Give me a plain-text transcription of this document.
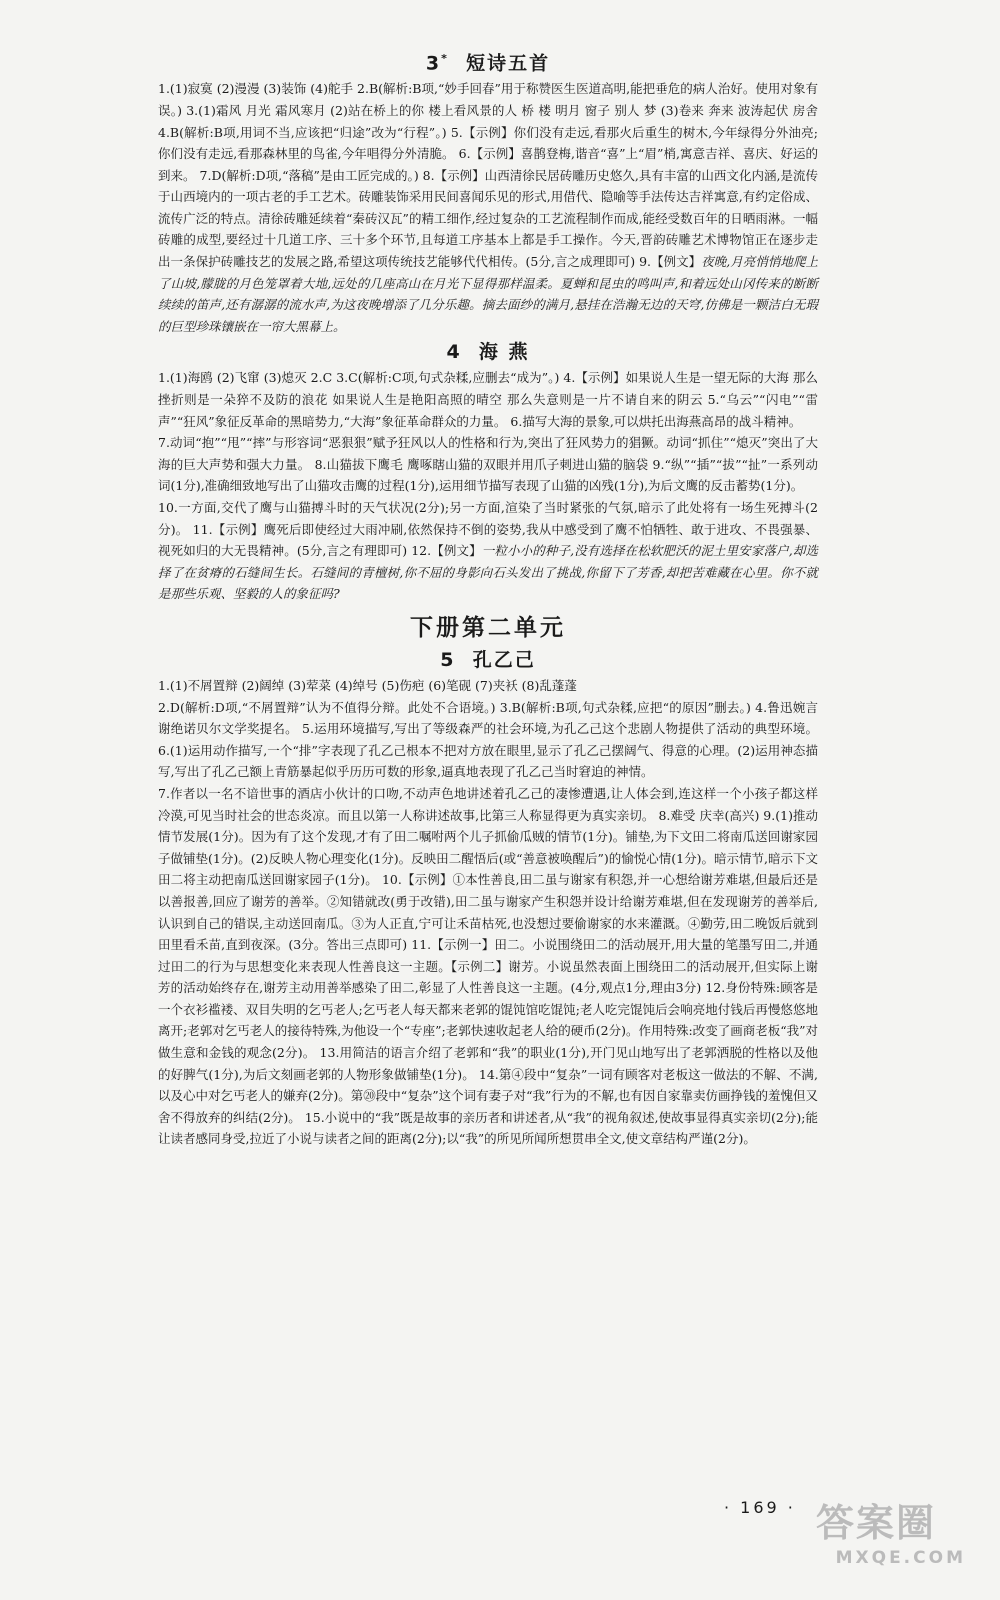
3* 短诗五首

1.(1)寂寞 (2)漫漫 (3)装饰 (4)舵手 2.B(解析:B项,“妙手回春”用于称赞医生医道高明,能把垂危的病人治好。使用对象有误。) 3.(1)霜风 月光 霜风寒月 (2)站在桥上的你 楼上看风景的人 桥 楼 明月 窗子 别人 梦 (3)卷来 奔来 波涛起伏 房舍 4.B(解析:B项,用词不当,应该把“归途”改为“行程”。) 5.【示例】你们没有走远,看那火后重生的树木,今年绿得分外油亮;你们没有走远,看那森林里的鸟雀,今年唱得分外清脆。 6.【示例】喜鹊登梅,谐音“喜”上“眉”梢,寓意吉祥、喜庆、好运的到来。 7.D(解析:D项,“落稿”是由工匠完成的。) 8.【示例】山西清徐民居砖雕历史悠久,具有丰富的山西文化内涵,是流传于山西境内的一项古老的手工艺术。砖雕装饰采用民间喜闻乐见的形式,用借代、隐喻等手法传达吉祥寓意,有约定俗成、流传广泛的特点。清徐砖雕延续着“秦砖汉瓦”的精工细作,经过复杂的工艺流程制作而成,能经受数百年的日晒雨淋。一幅砖雕的成型,要经过十几道工序、三十多个环节,且每道工序基本上都是手工操作。今天,晋韵砖雕艺术博物馆正在逐步走出一条保护砖雕技艺的发展之路,希望这项传统技艺能够代代相传。(5分,言之成理即可) 9.【例文】夜晚,月亮悄悄地爬上了山坡,朦胧的月色笼罩着大地,远处的几座高山在月光下显得那样温柔。夏蝉和昆虫的鸣叫声,和着远处山冈传来的断断续续的笛声,还有潺潺的流水声,为这夜晚增添了几分乐趣。摘去面纱的满月,悬挂在浩瀚无边的天穹,仿佛是一颗洁白无瑕的巨型珍珠镶嵌在一帘大黑幕上。

4 海 燕

1.(1)海鸥 (2)飞窜 (3)熄灭 2.C 3.C(解析:C项,句式杂糅,应删去“成为”。) 4.【示例】如果说人生是一望无际的大海 那么挫折则是一朵猝不及防的浪花 如果说人生是艳阳高照的晴空 那么失意则是一片不请自来的阴云 5.“乌云”“闪电”“雷声”“狂风”象征反革命的黑暗势力,“大海”象征革命群众的力量。 6.描写大海的景象,可以烘托出海燕高昂的战斗精神。

7.动词“抱”“甩”“摔”与形容词“恶狠狠”赋予狂风以人的性格和行为,突出了狂风势力的猖獗。动词“抓住”“熄灭”突出了大海的巨大声势和强大力量。 8.山猫拔下鹰毛 鹰啄瞎山猫的双眼并用爪子刺进山猫的脑袋 9.“纵”“插”“拔”“扯”一系列动词(1分),准确细致地写出了山猫攻击鹰的过程(1分),运用细节描写表现了山猫的凶残(1分),为后文鹰的反击蓄势(1分)。

10.一方面,交代了鹰与山猫搏斗时的天气状况(2分);另一方面,渲染了当时紧张的气氛,暗示了此处将有一场生死搏斗(2分)。 11.【示例】鹰死后即使经过大雨冲刷,依然保持不倒的姿势,我从中感受到了鹰不怕牺牲、敢于进攻、不畏强暴、视死如归的大无畏精神。(5分,言之有理即可) 12.【例文】一粒小小的种子,没有选择在松软肥沃的泥土里安家落户,却选择了在贫瘠的石缝间生长。石缝间的青檀树,你不屈的身影向石头发出了挑战,你留下了芳香,却把苦难藏在心里。你不就是那些乐观、坚毅的人的象征吗?

下册第二单元
5 孔乙己

1.(1)不屑置辩 (2)阔绰 (3)荤菜 (4)绰号 (5)伤疤 (6)笔砚 (7)夹袄 (8)乱蓬蓬

2.D(解析:D项,“不屑置辩”认为不值得分辩。此处不合语境。) 3.B(解析:B项,句式杂糅,应把“的原因”删去。) 4.鲁迅婉言谢绝诺贝尔文学奖提名。 5.运用环境描写,写出了等级森严的社会环境,为孔乙己这个悲剧人物提供了活动的典型环境。 6.(1)运用动作描写,一个“排”字表现了孔乙己根本不把对方放在眼里,显示了孔乙己摆阔气、得意的心理。(2)运用神态描写,写出了孔乙己额上青筋暴起似乎历历可数的形象,逼真地表现了孔乙己当时窘迫的神情。

7.作者以一名不谙世事的酒店小伙计的口吻,不动声色地讲述着孔乙己的凄惨遭遇,让人体会到,连这样一个小孩子都这样冷漠,可见当时社会的世态炎凉。而且以第一人称讲述故事,比第三人称显得更为真实亲切。 8.难受 庆幸(高兴) 9.(1)推动情节发展(1分)。因为有了这个发现,才有了田二嘱咐两个儿子抓偷瓜贼的情节(1分)。铺垫,为下文田二将南瓜送回谢家园子做铺垫(1分)。(2)反映人物心理变化(1分)。反映田二醒悟后(或“善意被唤醒后”)的愉悦心情(1分)。暗示情节,暗示下文田二将主动把南瓜送回谢家园子(1分)。 10.【示例】①本性善良,田二虽与谢家有积怨,并一心想给谢芳难堪,但最后还是以善报善,回应了谢芳的善举。②知错就改(勇于改错),田二虽与谢家产生积怨并设计给谢芳难堪,但在发现谢芳的善举后,认识到自己的错误,主动送回南瓜。③为人正直,宁可让禾苗枯死,也没想过要偷谢家的水来灌溉。④勤劳,田二晚饭后就到田里看禾苗,直到夜深。(3分。答出三点即可) 11.【示例一】田二。小说围绕田二的活动展开,用大量的笔墨写田二,并通过田二的行为与思想变化来表现人性善良这一主题。【示例二】谢芳。小说虽然表面上围绕田二的活动展开,但实际上谢芳的活动始终存在,谢芳主动用善举感染了田二,彰显了人性善良这一主题。(4分,观点1分,理由3分) 12.身份特殊:顾客是一个衣衫褴褛、双目失明的乞丐老人;乞丐老人每天都来老郭的馄饨馆吃馄饨;老人吃完馄饨后会响亮地付钱后再慢悠悠地离开;老郭对乞丐老人的接待特殊,为他设一个“专座”;老郭快速收起老人给的硬币(2分)。作用特殊:改变了画商老板“我”对做生意和金钱的观念(2分)。 13.用简洁的语言介绍了老郭和“我”的职业(1分),开门见山地写出了老郭洒脱的性格以及他的好脾气(1分),为后文刻画老郭的人物形象做铺垫(1分)。 14.第④段中“复杂”一词有顾客对老板这一做法的不解、不满,以及心中对乞丐老人的嫌弃(2分)。第⑳段中“复杂”这个词有妻子对“我”行为的不解,也有因自家靠卖仿画挣钱的羞愧但又舍不得放弃的纠结(2分)。 15.小说中的“我”既是故事的亲历者和讲述者,从“我”的视角叙述,使故事显得真实亲切(2分);能让读者感同身受,拉近了小说与读者之间的距离(2分);以“我”的所见所闻所想贯串全文,使文章结构严谨(2分)。

· 169 · 答案圈
MXQE.COM
